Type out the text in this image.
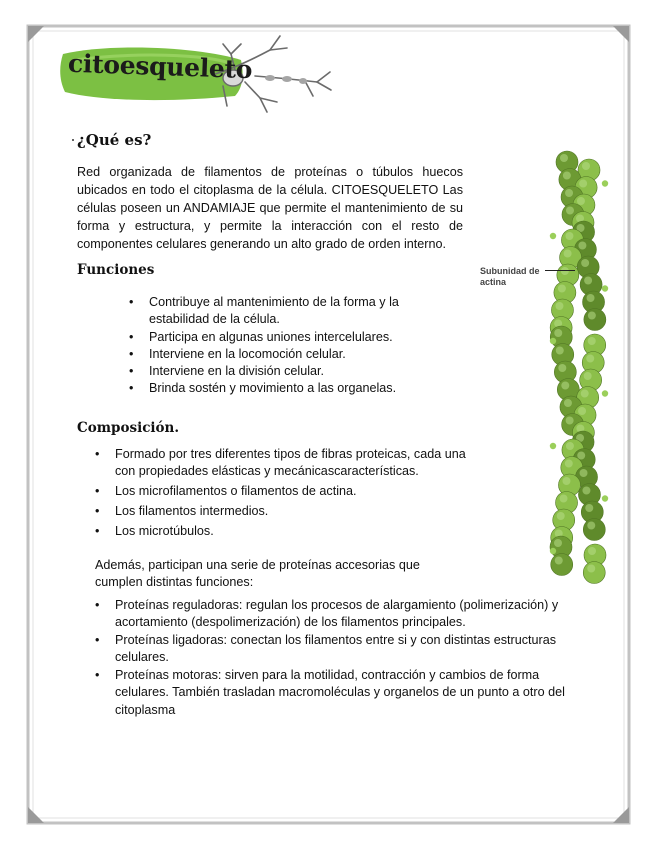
citoesqueleto
¿Qué es?

Red organizada de filamentos de proteínas o túbulos huecos ubicados en todo el citoplasma de la célula. CITOESQUELETO Las células poseen un ANDAMIAJE que permite el mantenimiento de su forma y estructura, y permite la interacción con el resto de componentes celulares generando un alto grado de orden interno.

Funciones
• Contribuye al mantenimiento de la forma y la estabilidad de la célula.
• Participa en algunas uniones intercelulares.
• Interviene en la locomoción celular.
• Interviene en la división celular.
• Brinda sostén y movimiento a las organelas.
Composición.
• Formado por tres diferentes tipos de fibras proteicas, cada una con propiedades elásticas y mecánicascaracterísticas.
• Los microfilamentos o filamentos de actina.
• Los filamentos intermedios.
• Los microtúbulos.

Además, participan una serie de proteínas accesorias que cumplen distintas funciones:

• Proteínas reguladoras: regulan los procesos de alargamiento (polimerización) y acortamiento (despolimerización) de los filamentos principales.
• Proteínas ligadoras: conectan los filamentos entre si y con distintas estructuras celulares.
• Proteínas motoras: sirven para la motilidad, contracción y cambios de forma celulares. También trasladan macromoléculas y organelos de un punto a otro del citoplasma
Subunidad de
actina
